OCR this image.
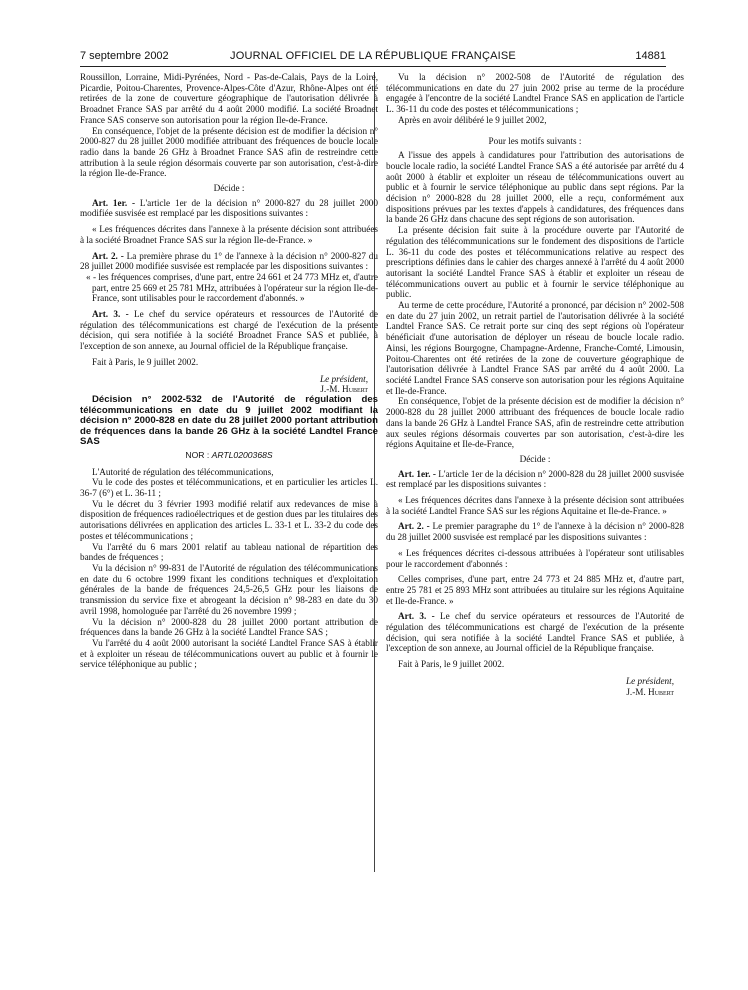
7 septembre 2002	JOURNAL OFFICIEL DE LA RÉPUBLIQUE FRANÇAISE	14881

Roussillon, Lorraine, Midi-Pyrénées, Nord - Pas-de-Calais, Pays de la Loire, Picardie, Poitou-Charentes, Provence-Alpes-Côte d'Azur, Rhône-Alpes ont été retirées de la zone de couverture géographique de l'autorisation délivrée à Broadnet France SAS par arrêté du 4 août 2000 modifié. La société Broadnet France SAS conserve son autorisation pour la région Ile-de-France.

En conséquence, l'objet de la présente décision est de modifier la décision n° 2000-827 du 28 juillet 2000 modifiée attribuant des fréquences de boucle locale radio dans la bande 26 GHz à Broadnet France SAS afin de restreindre cette attribution à la seule région désormais couverte par son autorisation, c'est-à-dire la région Ile-de-France.

Décide :

Art. 1er. - L'article 1er de la décision n° 2000-827 du 28 juillet 2000 modifiée susvisée est remplacé par les dispositions suivantes :

« Les fréquences décrites dans l'annexe à la présente décision sont attribuées à la société Broadnet France SAS sur la région Ile-de-France. »

Art. 2. - La première phrase du 1° de l'annexe à la décision n° 2000-827 du 28 juillet 2000 modifiée susvisée est remplacée par les dispositions suivantes :

« - les fréquences comprises, d'une part, entre 24 661 et 24 773 MHz et, d'autre part, entre 25 669 et 25 781 MHz, attribuées à l'opérateur sur la région Ile-de-France, sont utilisables pour le raccordement d'abonnés. »

Art. 3. - Le chef du service opérateurs et ressources de l'Autorité de régulation des télécommunications est chargé de l'exécution de la présente décision, qui sera notifiée à la société Broadnet France SAS et publiée, à l'exception de son annexe, au Journal officiel de la République française.

Fait à Paris, le 9 juillet 2002.

Le président,
J.-M. Hubert

Décision n° 2002-532 de l'Autorité de régulation des télécommunications en date du 9 juillet 2002 modifiant la décision n° 2000-828 en date du 28 juillet 2000 portant attribution de fréquences dans la bande 26 GHz à la société Landtel France SAS

NOR : ARTL0200368S

L'Autorité de régulation des télécommunications,

Vu le code des postes et télécommunications, et en particulier les articles L. 36-7 (6°) et L. 36-11 ;

Vu le décret du 3 février 1993 modifié relatif aux redevances de mise à disposition de fréquences radioélectriques et de gestion dues par les titulaires des autorisations délivrées en application des articles L. 33-1 et L. 33-2 du code des postes et télécommunications ;

Vu l'arrêté du 6 mars 2001 relatif au tableau national de répartition des bandes de fréquences ;

Vu la décision n° 99-831 de l'Autorité de régulation des télécommunications en date du 6 octobre 1999 fixant les conditions techniques et d'exploitation générales de la bande de fréquences 24,5-26,5 GHz pour les liaisons de transmission du service fixe et abrogeant la décision n° 98-283 en date du 30 avril 1998, homologuée par l'arrêté du 26 novembre 1999 ;

Vu la décision n° 2000-828 du 28 juillet 2000 portant attribution de fréquences dans la bande 26 GHz à la société Landtel France SAS ;

Vu l'arrêté du 4 août 2000 autorisant la société Landtel France SAS à établir et à exploiter un réseau de télécommunications ouvert au public et à fournir le service téléphonique au public ;

Vu la décision n° 2002-508 de l'Autorité de régulation des télécommunications en date du 27 juin 2002 prise au terme de la procédure engagée à l'encontre de la société Landtel France SAS en application de l'article L. 36-11 du code des postes et télécommunications ;

Après en avoir délibéré le 9 juillet 2002,

Pour les motifs suivants :

A l'issue des appels à candidatures pour l'attribution des autorisations de boucle locale radio, la société Landtel France SAS a été autorisée par arrêté du 4 août 2000 à établir et exploiter un réseau de télécommunications ouvert au public et à fournir le service téléphonique au public dans sept régions. Par la décision n° 2000-828 du 28 juillet 2000, elle a reçu, conformément aux dispositions prévues par les textes d'appels à candidatures, des fréquences dans la bande 26 GHz dans chacune des sept régions de son autorisation.

La présente décision fait suite à la procédure ouverte par l'Autorité de régulation des télécommunications sur le fondement des dispositions de l'article L. 36-11 du code des postes et télécommunications relative au respect des prescriptions définies dans le cahier des charges annexé à l'arrêté du 4 août 2000 autorisant la société Landtel France SAS à établir et exploiter un réseau de télécommunications ouvert au public et à fournir le service téléphonique au public.

Au terme de cette procédure, l'Autorité a prononcé, par décision n° 2002-508 en date du 27 juin 2002, un retrait partiel de l'autorisation délivrée à la société Landtel France SAS. Ce retrait porte sur cinq des sept régions où l'opérateur bénéficiait d'une autorisation de déployer un réseau de boucle locale radio. Ainsi, les régions Bourgogne, Champagne-Ardenne, Franche-Comté, Limousin, Poitou-Charentes ont été retirées de la zone de couverture géographique de l'autorisation délivrée à Landtel France SAS par arrêté du 4 août 2000. La société Landtel France SAS conserve son autorisation pour les régions Aquitaine et Ile-de-France.

En conséquence, l'objet de la présente décision est de modifier la décision n° 2000-828 du 28 juillet 2000 attribuant des fréquences de boucle locale radio dans la bande 26 GHz à Landtel France SAS, afin de restreindre cette attribution aux seules régions désormais couvertes par son autorisation, c'est-à-dire les régions Aquitaine et Ile-de-France,

Décide :

Art. 1er. - L'article 1er de la décision n° 2000-828 du 28 juillet 2000 susvisée est remplacé par les dispositions suivantes :

« Les fréquences décrites dans l'annexe à la présente décision sont attribuées à la société Landtel France SAS sur les régions Aquitaine et Ile-de-France. »

Art. 2. - Le premier paragraphe du 1° de l'annexe à la décision n° 2000-828 du 28 juillet 2000 susvisée est remplacé par les dispositions suivantes :

« Les fréquences décrites ci-dessous attribuées à l'opérateur sont utilisables pour le raccordement d'abonnés :

Celles comprises, d'une part, entre 24 773 et 24 885 MHz et, d'autre part, entre 25 781 et 25 893 MHz sont attribuées au titulaire sur les régions Aquitaine et Ile-de-France. »

Art. 3. - Le chef du service opérateurs et ressources de l'Autorité de régulation des télécommunications est chargé de l'exécution de la présente décision, qui sera notifiée à la société Landtel France SAS et publiée, à l'exception de son annexe, au Journal officiel de la République française.

Fait à Paris, le 9 juillet 2002.

Le président,
J.-M. Hubert
